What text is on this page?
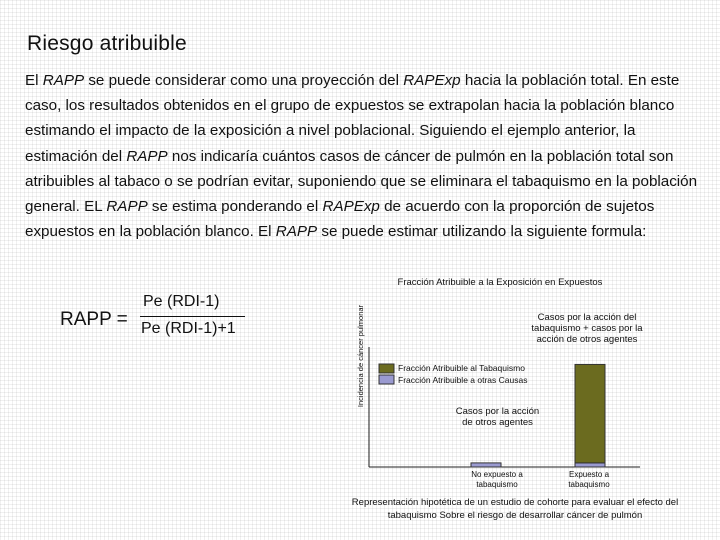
Riesgo atribuible
El RAPP se puede considerar como una proyección del RAPExp hacia la población total. En este caso, los resultados obtenidos en el grupo de expuestos se extrapolan hacia la población blanco estimando el impacto de la exposición a nivel poblacional. Siguiendo el ejemplo anterior, la estimación del RAPP nos indicaría cuántos casos de cáncer de pulmón en la población total son atribuibles al tabaco o se podrían evitar, suponiendo que se eliminara el tabaquismo en la población general. EL RAPP se estima ponderando el RAPExp de acuerdo con la proporción de sujetos expuestos en la población blanco. El RAPP se puede estimar utilizando la siguiente formula:
RAPP =
Pe (RDI-1)
Pe (RDI-1)+1
Fracción Atribuible a la Exposición en Expuestos
Casos por la acción del tabaquismo + casos por la acción de otros agentes
Casos por la acción de otros agentes
Incidencia de cáncer pulmonar	Fracción Atribuible al Tabaquismo
Fracción Atribuible a otras Causas
No expuesto a tabaquismo
Expuesto a tabaquismo
Representación hipotética de un estudio de cohorte para evaluar el efecto del tabaquismo Sobre el riesgo de desarrollar cáncer de pulmón
